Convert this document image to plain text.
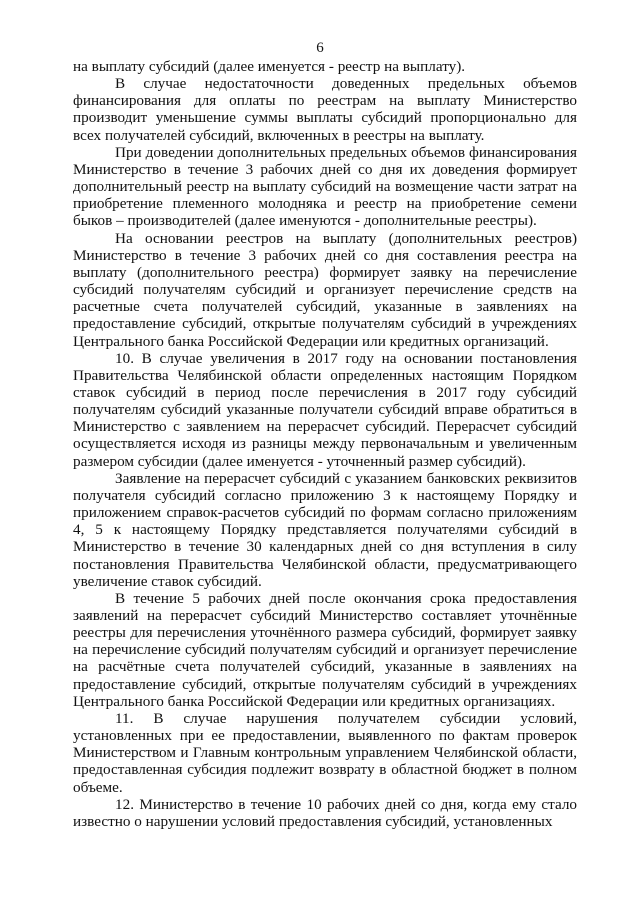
6

на выплату субсидий (далее именуется - реестр на выплату).

В случае недостаточности доведенных предельных объемов финансирования для оплаты по реестрам на выплату Министерство производит уменьшение суммы выплаты субсидий пропорционально для всех получателей субсидий, включенных в реестры на выплату.

При доведении дополнительных предельных объемов финансирования Министерство в течение 3 рабочих дней со дня их доведения формирует дополнительный реестр на выплату субсидий на возмещение части затрат на приобретение племенного молодняка и реестр на приобретение семени быков – производителей (далее именуются - дополнительные реестры).

На основании реестров на выплату (дополнительных реестров) Министерство в течение 3 рабочих дней со дня составления реестра на выплату (дополнительного реестра) формирует заявку на перечисление субсидий получателям субсидий и организует перечисление средств на расчетные счета получателей субсидий, указанные в заявлениях на предоставление субсидий, открытые получателям субсидий в учреждениях Центрального банка Российской Федерации или кредитных организаций.

10. В случае увеличения в 2017 году на основании постановления Правительства Челябинской области определенных настоящим Порядком ставок субсидий в период после перечисления в 2017 году субсидий получателям субсидий указанные получатели субсидий вправе обратиться в Министерство с заявлением на перерасчет субсидий. Перерасчет субсидий осуществляется исходя из разницы между первоначальным и увеличенным размером субсидии (далее именуется - уточненный размер субсидий).

Заявление на перерасчет субсидий с указанием банковских реквизитов получателя субсидий согласно приложению 3 к настоящему Порядку и приложением справок-расчетов субсидий по формам согласно приложениям 4, 5 к настоящему Порядку представляется получателями субсидий в Министерство в течение 30 календарных дней со дня вступления в силу постановления Правительства Челябинской области, предусматривающего увеличение ставок субсидий.

В течение 5 рабочих дней после окончания срока предоставления заявлений на перерасчет субсидий Министерство составляет уточнённые реестры для перечисления уточнённого размера субсидий, формирует заявку на перечисление субсидий получателям субсидий и организует перечисление на расчётные счета получателей субсидий, указанные в заявлениях на предоставление субсидий, открытые получателям субсидий в учреждениях Центрального банка Российской Федерации или кредитных организациях.

11. В случае нарушения получателем субсидии условий, установленных при ее предоставлении, выявленного по фактам проверок Министерством и Главным контрольным управлением Челябинской области, предоставленная субсидия подлежит возврату в областной бюджет в полном объеме.

12. Министерство в течение 10 рабочих дней со дня, когда ему стало известно о нарушении условий предоставления субсидий, установленных
